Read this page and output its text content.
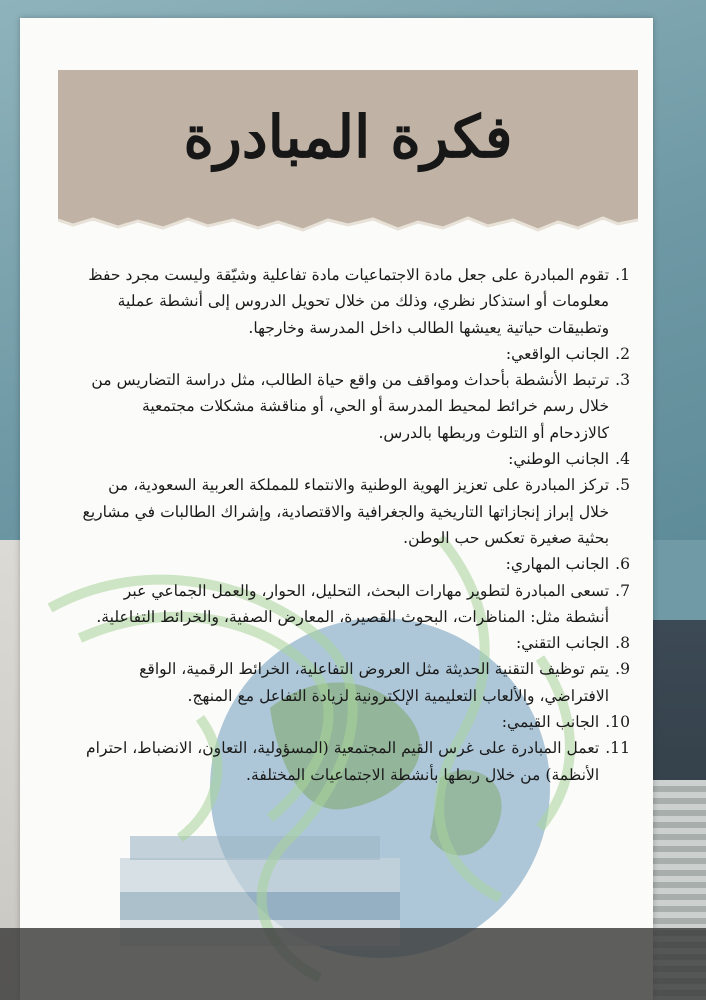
فكرة المبادرة
1.
تقوم المبادرة على جعل مادة الاجتماعيات مادة تفاعلية وشيّقة وليست مجرد حفظ معلومات أو استذكار نظري، وذلك من خلال تحويل الدروس إلى أنشطة عملية وتطبيقات حياتية يعيشها الطالب داخل المدرسة وخارجها.
2.
الجانب الواقعي:
3.
ترتبط الأنشطة بأحداث ومواقف من واقع حياة الطالب، مثل دراسة التضاريس من خلال رسم خرائط لمحيط المدرسة أو الحي، أو مناقشة مشكلات مجتمعية كالازدحام أو التلوث وربطها بالدرس.
4.
الجانب الوطني:
5.
تركز المبادرة على تعزيز الهوية الوطنية والانتماء للمملكة العربية السعودية، من خلال إبراز إنجازاتها التاريخية والجغرافية والاقتصادية، وإشراك الطالبات في مشاريع بحثية صغيرة تعكس حب الوطن.
6.
الجانب المهاري:
7.
تسعى المبادرة لتطوير مهارات البحث، التحليل، الحوار، والعمل الجماعي عبر أنشطة مثل: المناظرات، البحوث القصيرة، المعارض الصفية، والخرائط التفاعلية.
8.
الجانب التقني:
9.
يتم توظيف التقنية الحديثة مثل العروض التفاعلية، الخرائط الرقمية، الواقع الافتراضي، والألعاب التعليمية الإلكترونية لزيادة التفاعل مع المنهج.
10.
الجانب القيمي:
11.
تعمل المبادرة على غرس القيم المجتمعية (المسؤولية، التعاون، الانضباط، احترام الأنظمة) من خلال ربطها بأنشطة الاجتماعيات المختلفة.
